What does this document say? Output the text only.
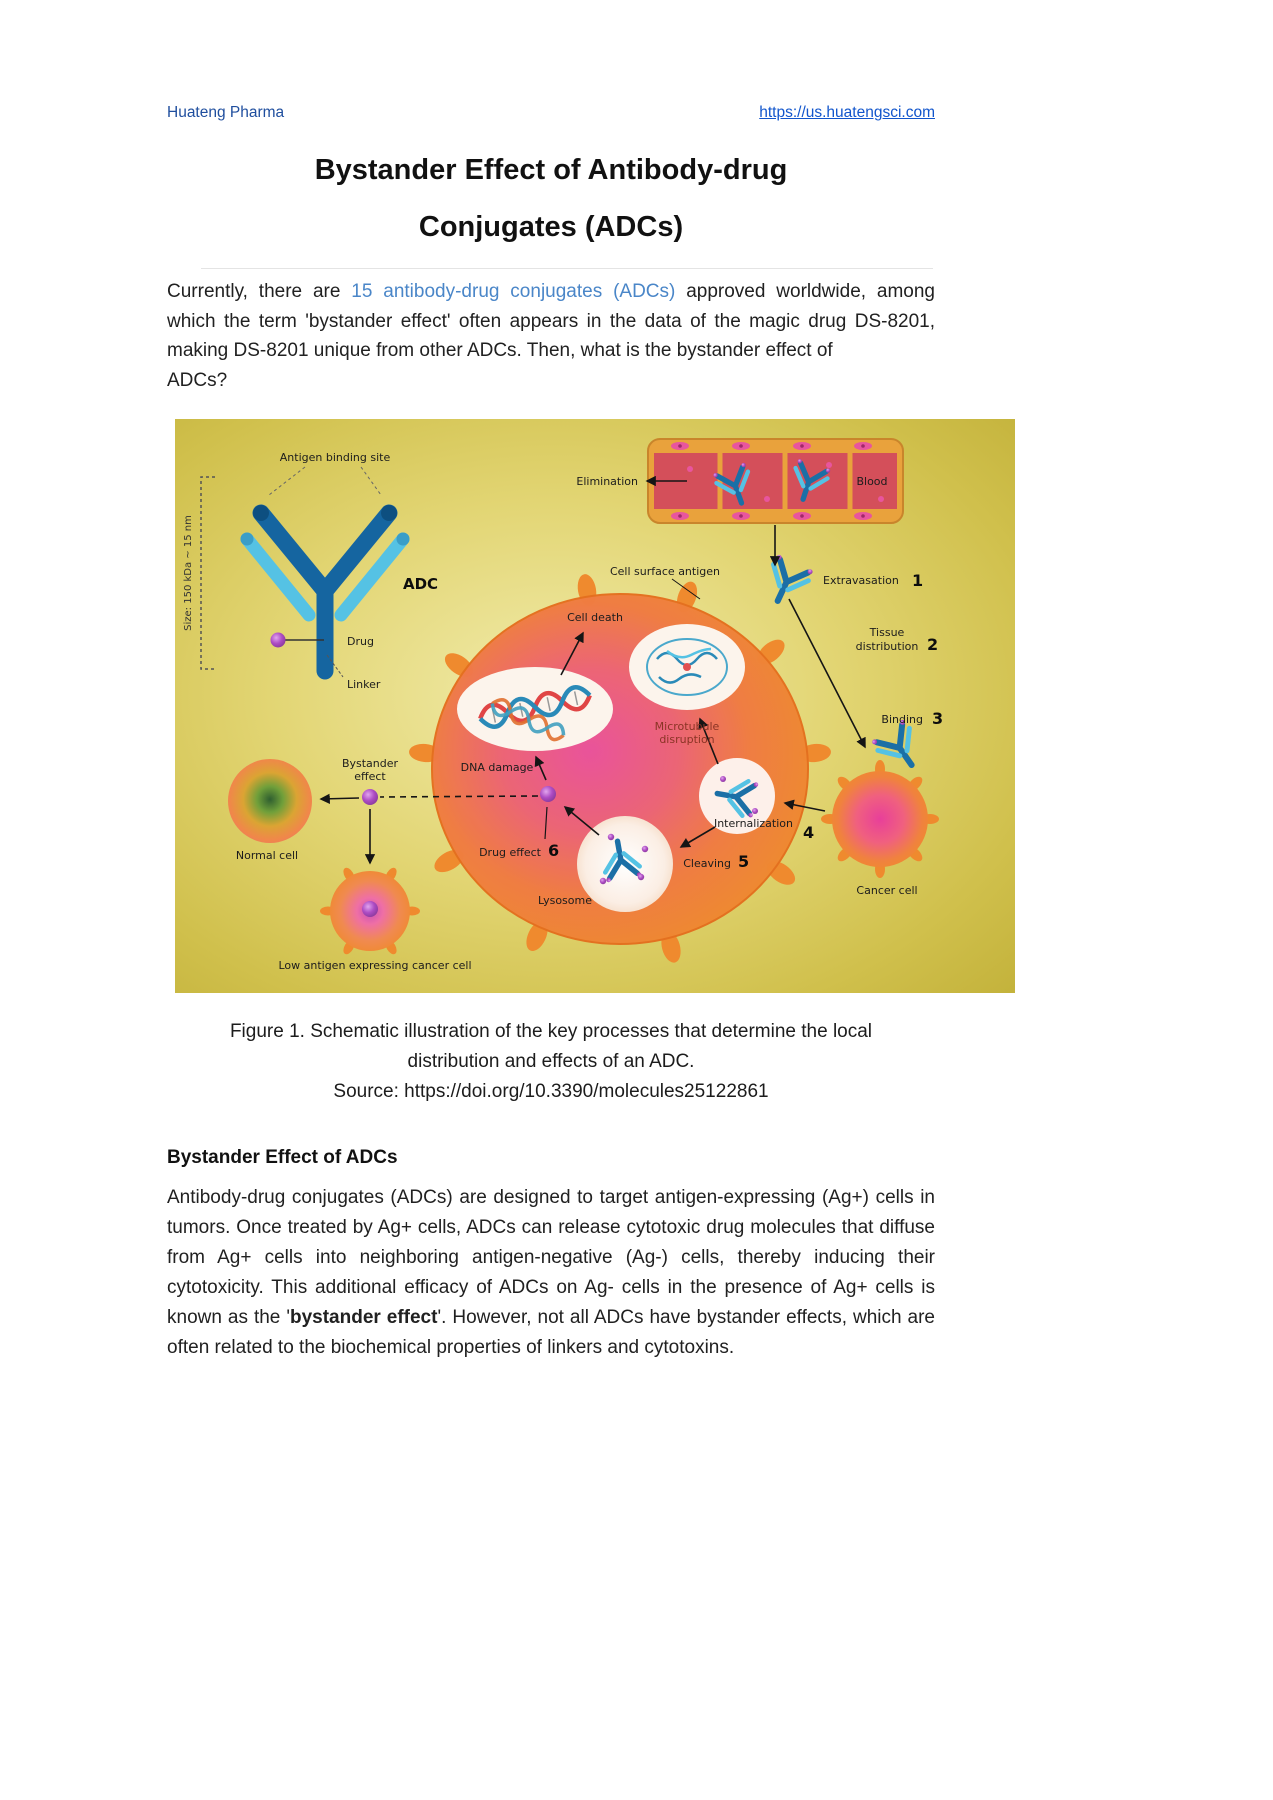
Huateng Pharma	https://us.huatengsci.com
Bystander Effect of Antibody-drug
Conjugates (ADCs)

Currently, there are 15 antibody-drug conjugates (ADCs) approved worldwide, among which the term 'bystander effect' often appears in the data of the magic drug DS-8201, making DS-8201 unique from other ADCs. Then, what is the bystander effect of
ADCs?

Antigen binding site
Size: 150 kDa ~ 15 nm	ADC
Drug
Linker
Elimination	Blood
Cell surface antigen
Extravasation 1
Tissue
distribution 2
Binding 3
Internalization 4
Cleaving 5
Drug effect 6
Cell death
Microtubule
disruption
DNA damage
Bystander
effect
Normal cell
Lysosome
Low antigen expressing cancer cell
Cancer cell
Figure 1. Schematic illustration of the key processes that determine the local
distribution and effects of an ADC.
Source: https://doi.org/10.3390/molecules25122861
Bystander Effect of ADCs

Antibody-drug conjugates (ADCs) are designed to target antigen-expressing (Ag+) cells in tumors. Once treated by Ag+ cells, ADCs can release cytotoxic drug molecules that diffuse from Ag+ cells into neighboring antigen-negative (Ag-) cells, thereby inducing their cytotoxicity. This additional efficacy of ADCs on Ag- cells in the presence of Ag+ cells is known as the 'bystander effect'. However, not all ADCs have bystander effects, which are often related to the biochemical properties of linkers and cytotoxins.
